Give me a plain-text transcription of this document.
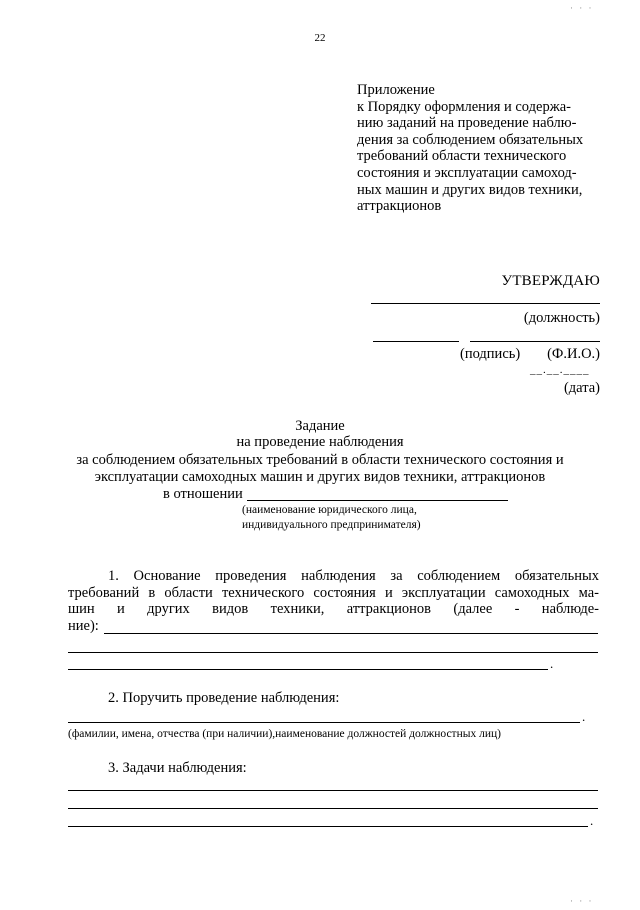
22
· · ·
Приложение
к Порядку оформления и содержа-
нию заданий на проведение наблю-
дения за соблюдением обязательных
требований области технического
состояния и эксплуатации самоход-
ных машин и других видов техники,
аттракционов
УТВЕРЖДАЮ
(должность)
(подпись) (Ф.И.О.)
__.__.____
(дата)
Задание
на проведение наблюдения
за соблюдением обязательных требований в области технического состояния и
эксплуатации самоходных машин и других видов техники, аттракционов
в отношении
(наименование юридического лица,
индивидуального предпринимателя)
1. Основание проведения наблюдения за соблюдением обязательных
требований в области технического состояния и эксплуатации самоходных ма-
шин и других видов техники, аттракционов (далее - наблюде-
ние):
.
2. Поручить проведение наблюдения:
.
(фамилии, имена, отчества (при наличии),наименование должностей должностных лиц)
3. Задачи наблюдения:
.
· · ·
